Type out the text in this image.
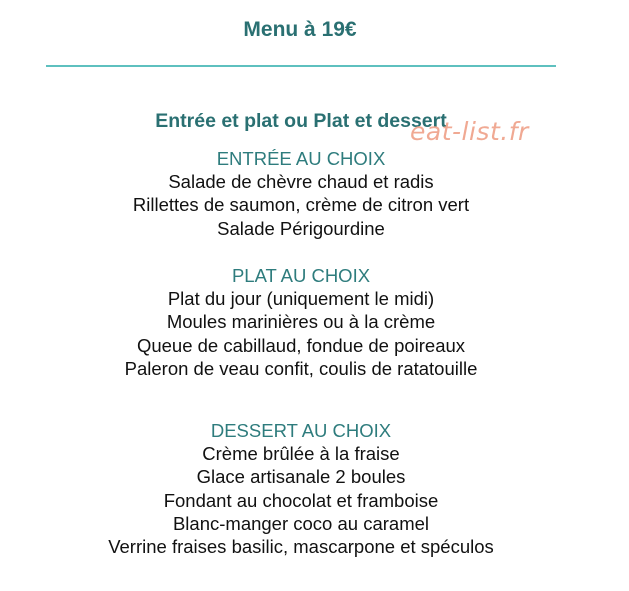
Menu à 19€
Entrée et plat ou Plat et dessert
eat-list.fr
ENTRÉE AU CHOIX
Salade de chèvre chaud et radis
Rillettes de saumon, crème de citron vert
Salade Périgourdine
PLAT AU CHOIX
Plat du jour (uniquement le midi)
Moules marinières ou à la crème
Queue de cabillaud, fondue de poireaux
Paleron de veau confit, coulis de ratatouille
DESSERT AU CHOIX
Crème brûlée à la fraise
Glace artisanale 2 boules
Fondant au chocolat et framboise
Blanc-manger coco au caramel
Verrine fraises basilic, mascarpone et spéculos
